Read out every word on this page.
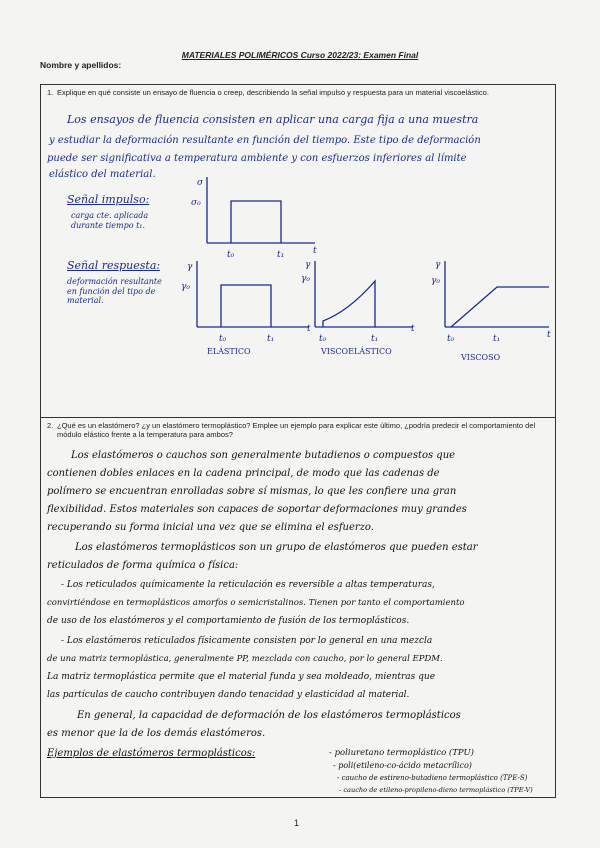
MATERIALES POLIMÉRICOS Curso 2022/23: Examen Final
Nombre y apellidos:
1. Explique en qué consiste un ensayo de fluencia o creep, describiendo la señal impulso y respuesta para un material viscoelástico.
Los ensayos de fluencia consisten en aplicar una carga fija a una muestra
y estudiar la deformación resultante en función del tiempo. Este tipo de deformación
puede ser significativa a temperatura ambiente y con esfuerzos inferiores al límite
elástico del material.
Señal impulso:
carga cte. aplicada durante tiempo t₁.
Señal respuesta:
deformación resultante en función del tipo de material.
σ
σ₀
t
t₀	t₁
γ
γ₀
t
t₀	t₁
ELÁSTICO
γ
γ₀
t
t₀	t₁
VISCOELÁSTICO
γ
γ₀
t
t₀	t₁
VISCOSO
2. ¿Qué es un elastómero? ¿y un elastómero termoplástico? Emplee un ejemplo para explicar este último, ¿podría predecir el comportamiento del módulo elástico frente a la temperatura para ambos?
Los elastómeros o cauchos son generalmente butadienos o compuestos que
contienen dobles enlaces en la cadena principal, de modo que las cadenas de
polímero se encuentran enrolladas sobre sí mismas, lo que les confiere una gran
flexibilidad. Estos materiales son capaces de soportar deformaciones muy grandes
recuperando su forma inicial una vez que se elimina el esfuerzo.
Los elastómeros termoplásticos son un grupo de elastómeros que pueden estar
reticulados de forma química o física:
- Los reticulados químicamente la reticulación es reversible a altas temperaturas,
convirtiéndose en termoplásticos amorfos o semicristalinos. Tienen por tanto el comportamiento
de uso de los elastómeros y el comportamiento de fusión de los termoplásticos.
- Los elastómeros reticulados físicamente consisten por lo general en una mezcla
de una matriz termoplástica, generalmente PP, mezclada con caucho, por lo general EPDM.
La matriz termoplástica permite que el material funda y sea moldeado, mientras que
las partículas de caucho contribuyen dando tenacidad y elasticidad al material.
En general, la capacidad de deformación de los elastómeros termoplásticos
es menor que la de los demás elastómeros.
Ejemplos de elastómeros termoplásticos:	- poliuretano termoplástico (TPU)
- poli(etileno-co-ácido metacrílico)
- caucho de estireno-butadieno termoplástico (TPE-S)
- caucho de etileno-propileno-dieno termoplástico (TPE-V)
1
